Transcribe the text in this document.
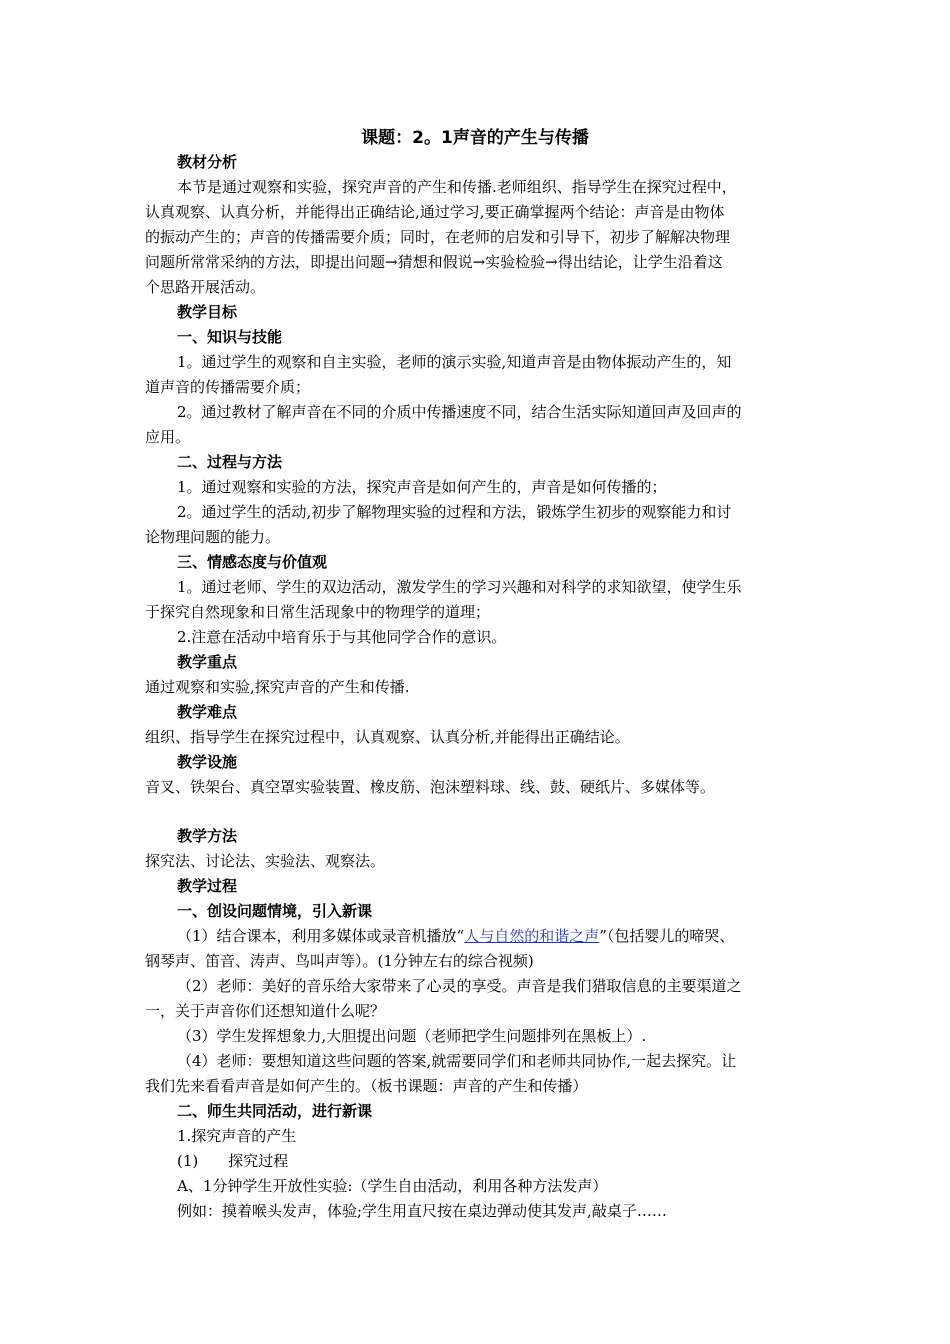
课题：2。1声音的产生与传播
教材分析
本节是通过观察和实验，探究声音的产生和传播.老师组织、指导学生在探究过程中，
认真观察、认真分析，并能得出正确结论,通过学习,要正确掌握两个结论：声音是由物体
的振动产生的；声音的传播需要介质；同时，在老师的启发和引导下，初步了解解决物理
问题所常常采纳的方法，即提出问题→猜想和假说→实验检验→得出结论，让学生沿着这
个思路开展活动。
教学目标
一、知识与技能
1。通过学生的观察和自主实验，老师的演示实验,知道声音是由物体振动产生的，知
道声音的传播需要介质；
2。通过教材了解声音在不同的介质中传播速度不同，结合生活实际知道回声及回声的
应用。
二、过程与方法
1。通过观察和实验的方法，探究声音是如何产生的，声音是如何传播的；
2。通过学生的活动,初步了解物理实验的过程和方法，锻炼学生初步的观察能力和讨
论物理问题的能力。
三、情感态度与价值观
1。通过老师、学生的双边活动，激发学生的学习兴趣和对科学的求知欲望，使学生乐
于探究自然现象和日常生活现象中的物理学的道理；
2.注意在活动中培育乐于与其他同学合作的意识。
教学重点
通过观察和实验,探究声音的产生和传播.
教学难点
组织、指导学生在探究过程中，认真观察、认真分析,并能得出正确结论。
教学设施
音叉、铁架台、真空罩实验装置、橡皮筋、泡沫塑料球、线、鼓、硬纸片、多媒体等。
教学方法
探究法、讨论法、实验法、观察法。
教学过程
一、创设问题情境，引入新课
（1）结合课本，利用多媒体或录音机播放“人与自然的和谐之声”（包括婴儿的啼哭、
钢琴声、笛音、涛声、鸟叫声等）。(1分钟左右的综合视频)
（2）老师：美好的音乐给大家带来了心灵的享受。声音是我们猎取信息的主要渠道之
一，关于声音你们还想知道什么呢？
（3）学生发挥想象力,大胆提出问题（老师把学生问题排列在黑板上）.
（4）老师：要想知道这些问题的答案,就需要同学们和老师共同协作,一起去探究。让
我们先来看看声音是如何产生的。（板书课题：声音的产生和传播）
二、师生共同活动，进行新课
1.探究声音的产生
(1)　　探究过程
A、1分钟学生开放性实验:（学生自由活动，利用各种方法发声）
例如：摸着喉头发声，体验;学生用直尺按在桌边弹动使其发声,敲桌子……
